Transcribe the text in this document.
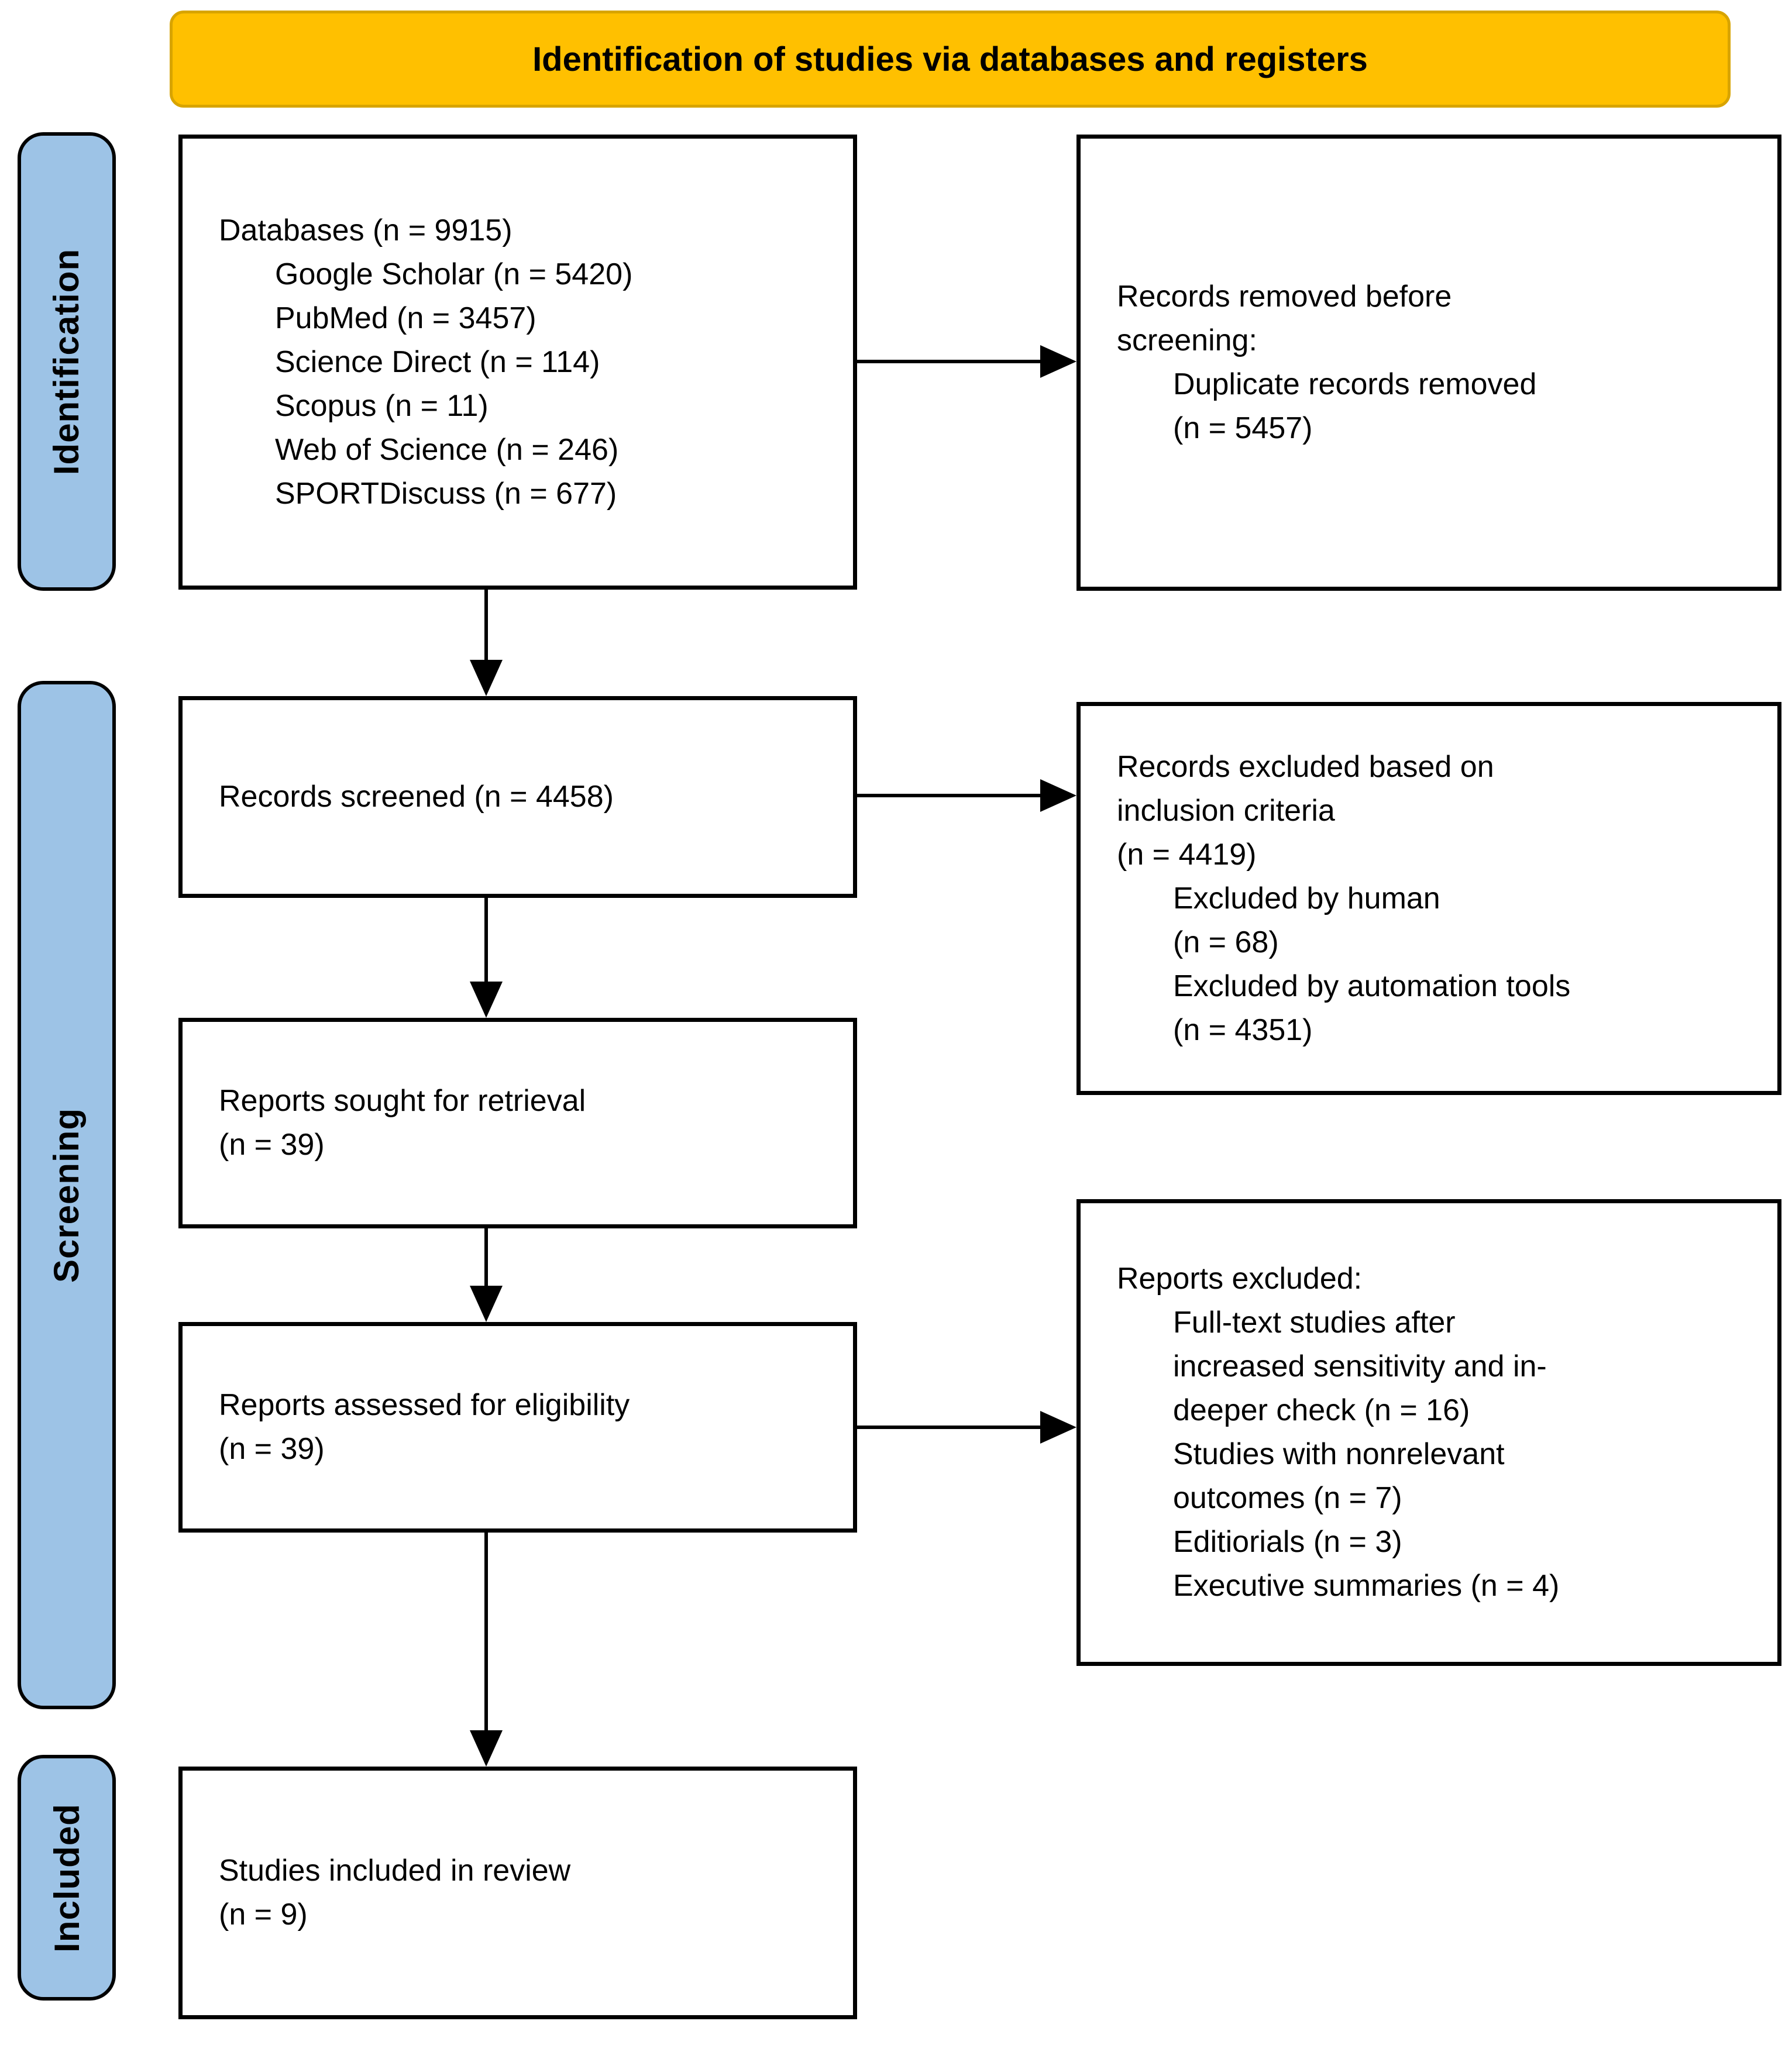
Identification of studies via databases and registers
Identification
Screening
Included
Databases (n = 9915)
Google Scholar (n = 5420)
PubMed (n = 3457)
Science Direct (n = 114)
Scopus (n = 11)
Web of Science (n = 246)
SPORTDiscuss (n = 677)
Records screened (n = 4458)
Reports sought for retrieval
(n = 39)
Reports assessed for eligibility
(n = 39)
Studies included in review
(n = 9)
Records removed before
screening:
Duplicate records removed
(n = 5457)
Records excluded based on
inclusion criteria
(n = 4419)
Excluded by human
(n = 68)
Excluded by automation tools
(n = 4351)
Reports excluded:
Full-text studies after
increased sensitivity and in-
deeper check (n = 16)
Studies with nonrelevant
outcomes (n = 7)
Editiorials (n = 3)
Executive summaries (n = 4)
